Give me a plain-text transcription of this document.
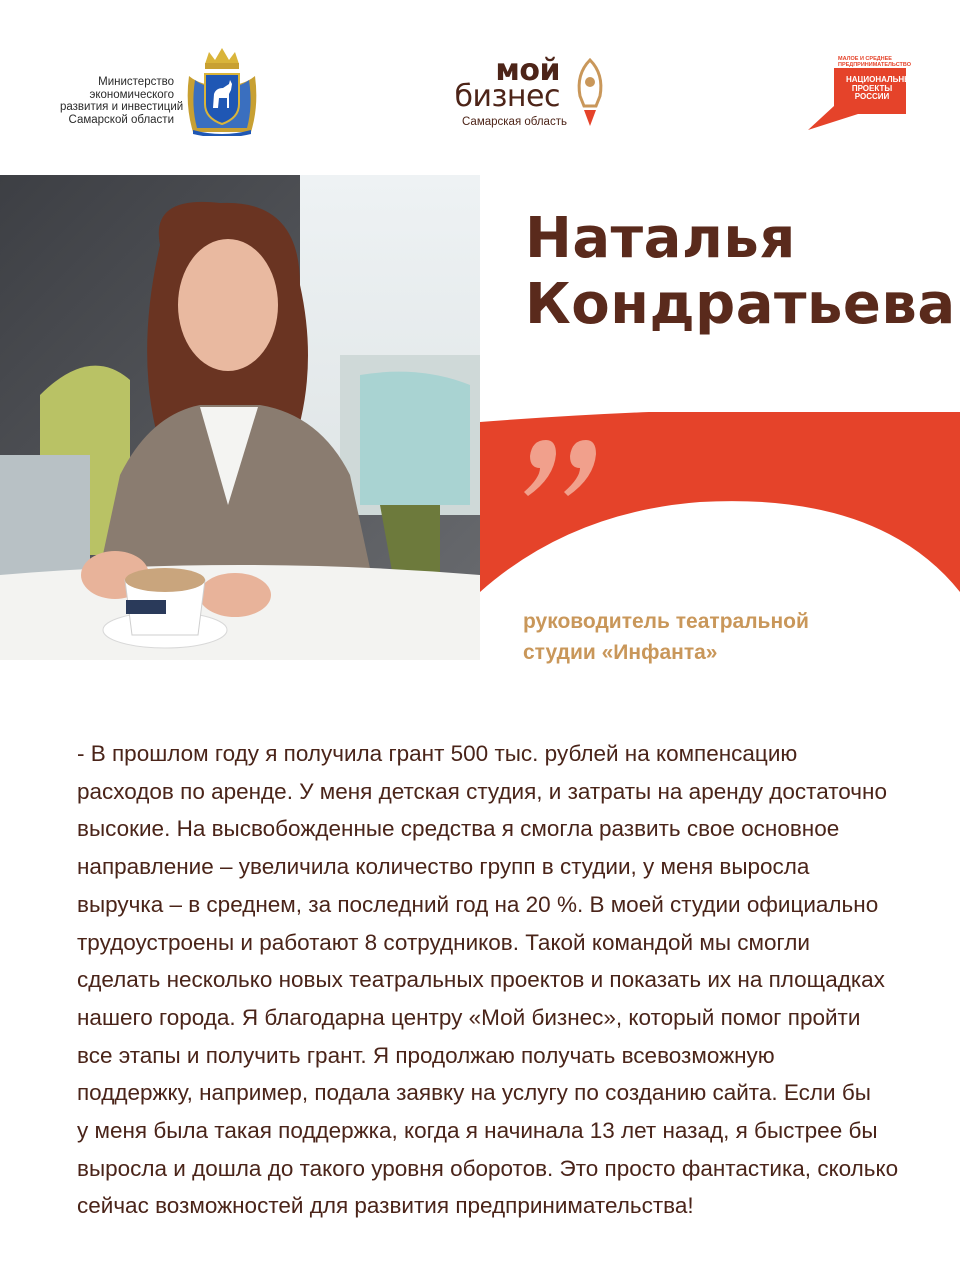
Министерство
экономического
развития и инвестиций
Самарской области
мой
бизнес
Самарская область
МАЛОЕ И СРЕДНЕЕ
ПРЕДПРИНИМАТЕЛЬСТВО
НАЦИОНАЛЬНЫЕ
ПРОЕКТЫ
РОССИИ
Наталья
Кондратьева

руководитель театральной
студии «Инфанта»

- В прошлом году я получила грант 500 тыс. рублей на компенсацию
расходов по аренде. У меня детская студия, и затраты на аренду достаточно
высокие. На высвобожденные средства я смогла развить свое основное
направление – увеличила количество групп в студии, у меня выросла
выручка – в среднем, за последний год на 20 %. В моей студии официально
трудоустроены и работают 8 сотрудников. Такой командой мы смогли
сделать несколько новых театральных проектов и показать их на площадках
нашего города. Я благодарна центру «Мой бизнес», который помог пройти
все этапы и получить грант. Я продолжаю получать всевозможную
поддержку, например, подала заявку на услугу по созданию сайта. Если бы
у меня была такая поддержка, когда я начинала 13 лет назад, я быстрее бы
выросла и дошла до такого уровня оборотов. Это просто фантастика, сколько
сейчас возможностей для развития предпринимательства!
